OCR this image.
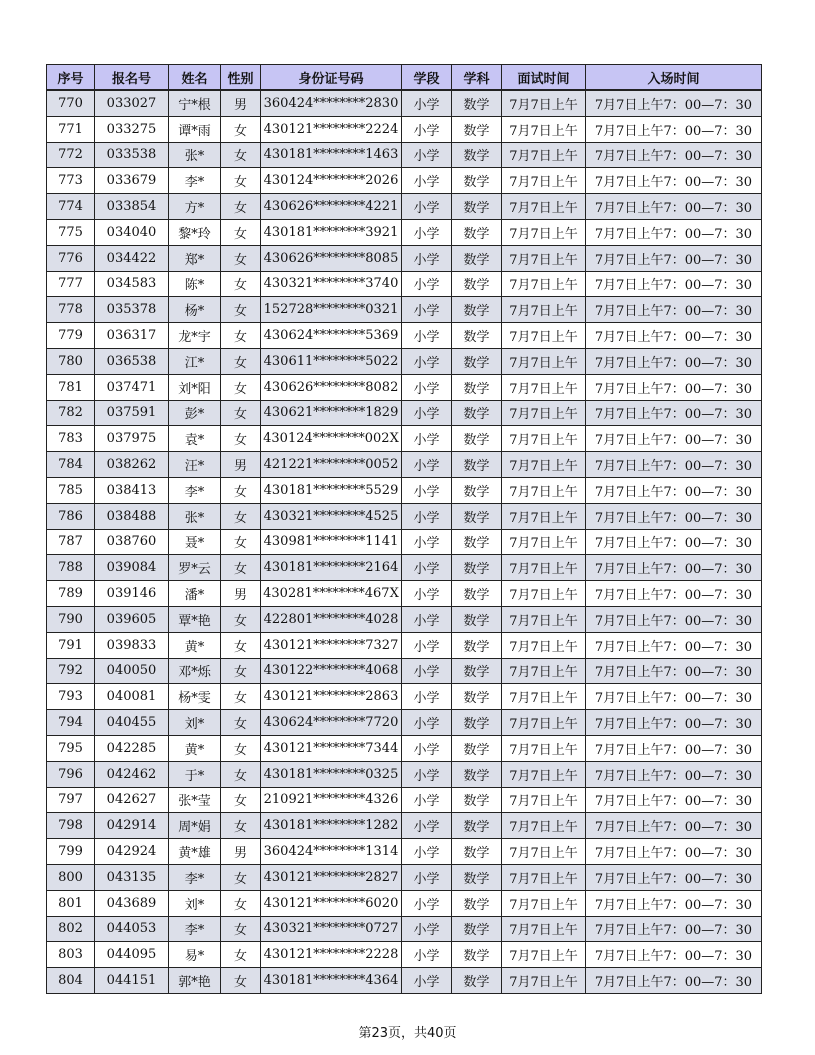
序号	报名号	姓名	性别	身份证号码	学段	学科	面试时间	入场时间
770	033027	宁*根	男	360424********2830	小学	数学	7月7日上午	7月7日上午7：00—7：30
771	033275	谭*雨	女	430121********2224	小学	数学	7月7日上午	7月7日上午7：00—7：30
772	033538	张*	女	430181********1463	小学	数学	7月7日上午	7月7日上午7：00—7：30
773	033679	李*	女	430124********2026	小学	数学	7月7日上午	7月7日上午7：00—7：30
774	033854	方*	女	430626********4221	小学	数学	7月7日上午	7月7日上午7：00—7：30
775	034040	黎*玲	女	430181********3921	小学	数学	7月7日上午	7月7日上午7：00—7：30
776	034422	郑*	女	430626********8085	小学	数学	7月7日上午	7月7日上午7：00—7：30
777	034583	陈*	女	430321********3740	小学	数学	7月7日上午	7月7日上午7：00—7：30
778	035378	杨*	女	152728********0321	小学	数学	7月7日上午	7月7日上午7：00—7：30
779	036317	龙*宇	女	430624********5369	小学	数学	7月7日上午	7月7日上午7：00—7：30
780	036538	江*	女	430611********5022	小学	数学	7月7日上午	7月7日上午7：00—7：30
781	037471	刘*阳	女	430626********8082	小学	数学	7月7日上午	7月7日上午7：00—7：30
782	037591	彭*	女	430621********1829	小学	数学	7月7日上午	7月7日上午7：00—7：30
783	037975	袁*	女	430124********002X	小学	数学	7月7日上午	7月7日上午7：00—7：30
784	038262	汪*	男	421221********0052	小学	数学	7月7日上午	7月7日上午7：00—7：30
785	038413	李*	女	430181********5529	小学	数学	7月7日上午	7月7日上午7：00—7：30
786	038488	张*	女	430321********4525	小学	数学	7月7日上午	7月7日上午7：00—7：30
787	038760	聂*	女	430981********1141	小学	数学	7月7日上午	7月7日上午7：00—7：30
788	039084	罗*云	女	430181********2164	小学	数学	7月7日上午	7月7日上午7：00—7：30
789	039146	潘*	男	430281********467X	小学	数学	7月7日上午	7月7日上午7：00—7：30
790	039605	覃*艳	女	422801********4028	小学	数学	7月7日上午	7月7日上午7：00—7：30
791	039833	黄*	女	430121********7327	小学	数学	7月7日上午	7月7日上午7：00—7：30
792	040050	邓*烁	女	430122********4068	小学	数学	7月7日上午	7月7日上午7：00—7：30
793	040081	杨*雯	女	430121********2863	小学	数学	7月7日上午	7月7日上午7：00—7：30
794	040455	刘*	女	430624********7720	小学	数学	7月7日上午	7月7日上午7：00—7：30
795	042285	黄*	女	430121********7344	小学	数学	7月7日上午	7月7日上午7：00—7：30
796	042462	于*	女	430181********0325	小学	数学	7月7日上午	7月7日上午7：00—7：30
797	042627	张*莹	女	210921********4326	小学	数学	7月7日上午	7月7日上午7：00—7：30
798	042914	周*娟	女	430181********1282	小学	数学	7月7日上午	7月7日上午7：00—7：30
799	042924	黄*雄	男	360424********1314	小学	数学	7月7日上午	7月7日上午7：00—7：30
800	043135	李*	女	430121********2827	小学	数学	7月7日上午	7月7日上午7：00—7：30
801	043689	刘*	女	430121********6020	小学	数学	7月7日上午	7月7日上午7：00—7：30
802	044053	李*	女	430321********0727	小学	数学	7月7日上午	7月7日上午7：00—7：30
803	044095	易*	女	430121********2228	小学	数学	7月7日上午	7月7日上午7：00—7：30
804	044151	郭*艳	女	430181********4364	小学	数学	7月7日上午	7月7日上午7：00—7：30
第23页，共40页
